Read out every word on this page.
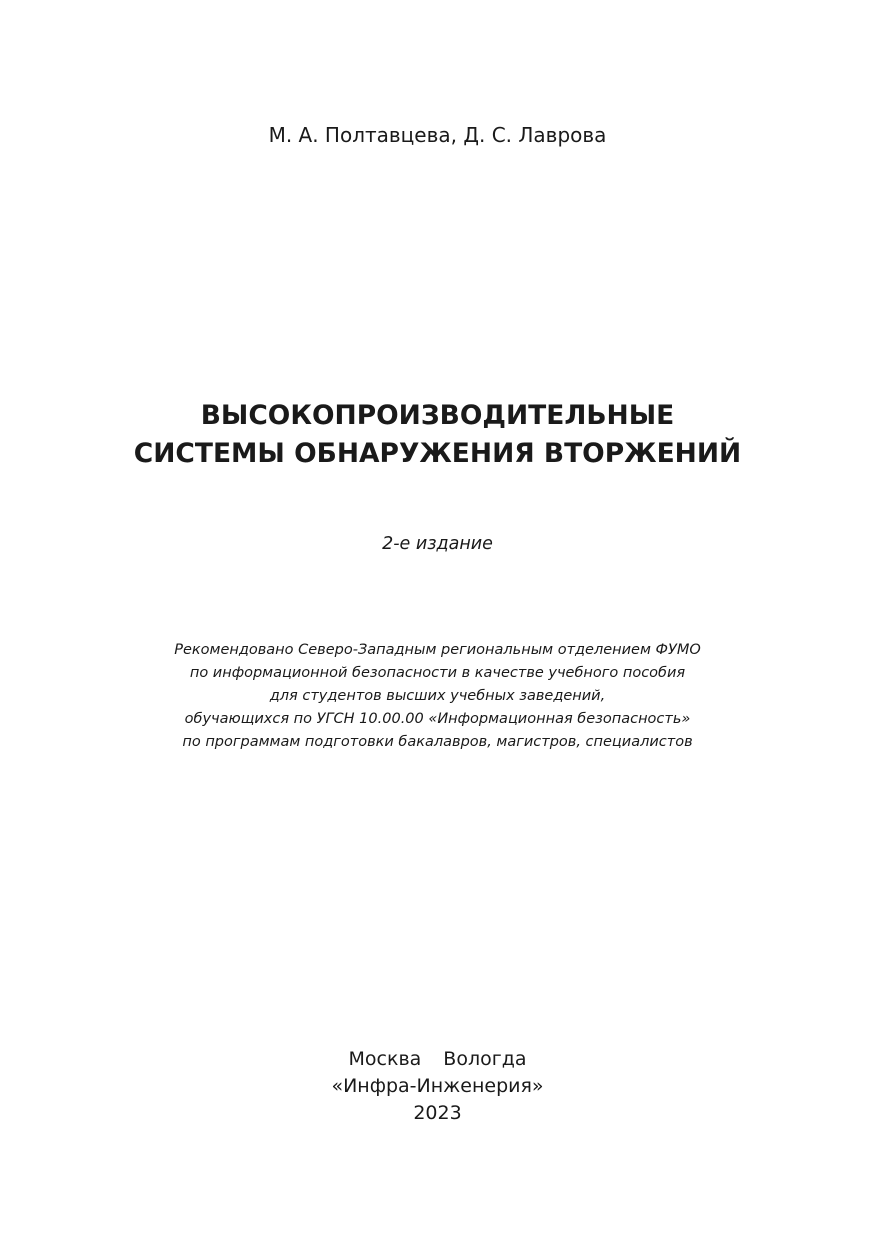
М. А. Полтавцева, Д. С. Лаврова
ВЫСОКОПРОИЗВОДИТЕЛЬНЫЕ
СИСТЕМЫ ОБНАРУЖЕНИЯ ВТОРЖЕНИЙ
2-е издание
Рекомендовано Северо-Западным региональным отделением ФУМО
по информационной безопасности в качестве учебного пособия
для студентов высших учебных заведений,
обучающихся по УГСН 10.00.00 «Информационная безопасность»
по программам подготовки бакалавров, магистров, специалистов
Москва Вологда
«Инфра-Инженерия»
2023
